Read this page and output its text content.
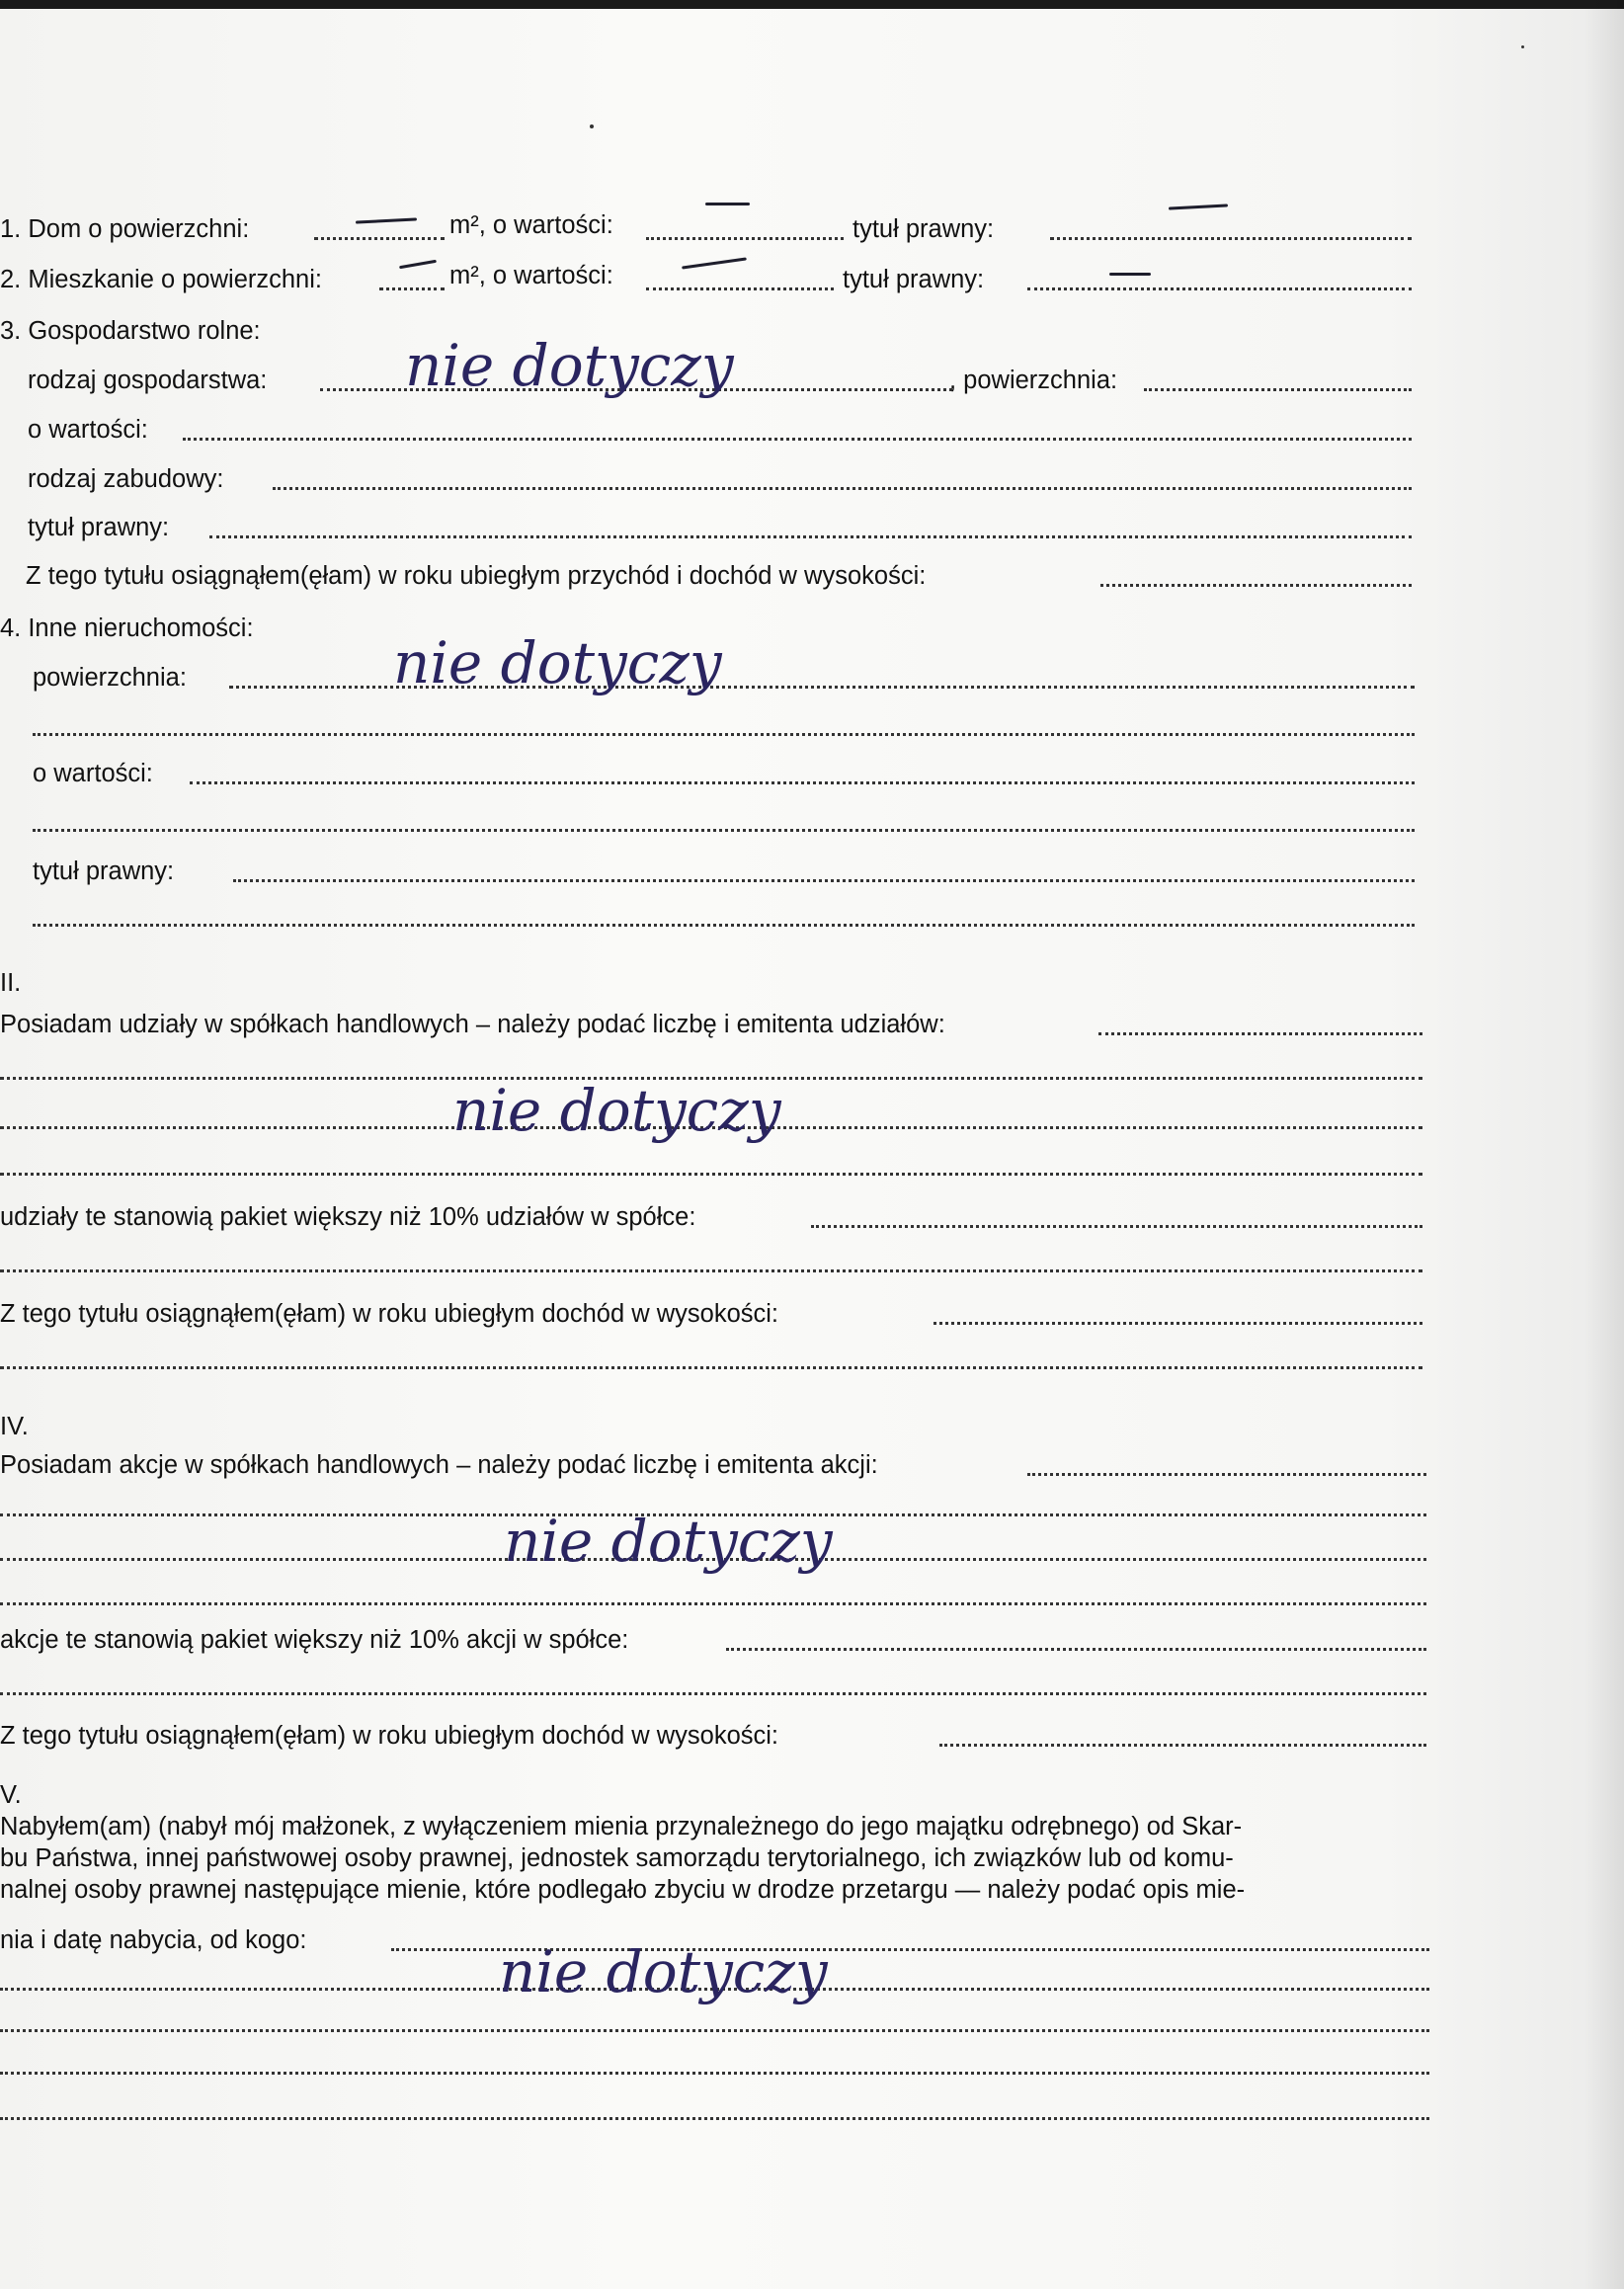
1. Dom o powierzchni:	m², o wartości:	tytuł prawny:
2. Mieszkanie o powierzchni:	m², o wartości:	tytuł prawny:
3. Gospodarstwo rolne:
rodzaj gospodarstwa:	, powierzchnia:
nie dotyczy
o wartości:
rodzaj zabudowy:
tytuł prawny:
Z tego tytułu osiągnąłem(ęłam) w roku ubiegłym przychód i dochód w wysokości:
4. Inne nieruchomości:
powierzchnia:	nie dotyczy
o wartości:
tytuł prawny:
II.
Posiadam udziały w spółkach handlowych – należy podać liczbę i emitenta udziałów:
nie dotyczy
udziały te stanowią pakiet większy niż 10% udziałów w spółce:
Z tego tytułu osiągnąłem(ęłam) w roku ubiegłym dochód w wysokości:
IV.
Posiadam akcje w spółkach handlowych – należy podać liczbę i emitenta akcji:
nie dotyczy
akcje te stanowią pakiet większy niż 10% akcji w spółce:
Z tego tytułu osiągnąłem(ęłam) w roku ubiegłym dochód w wysokości:
V.
Nabyłem(am) (nabył mój małżonek, z wyłączeniem mienia przynależnego do jego majątku odrębnego) od Skar-
bu Państwa, innej państwowej osoby prawnej, jednostek samorządu terytorialnego, ich związków lub od komu-
nalnej osoby prawnej następujące mienie, które podlegało zbyciu w drodze przetargu — należy podać opis mie-
nia i datę nabycia, od kogo:	nie dotyczy
